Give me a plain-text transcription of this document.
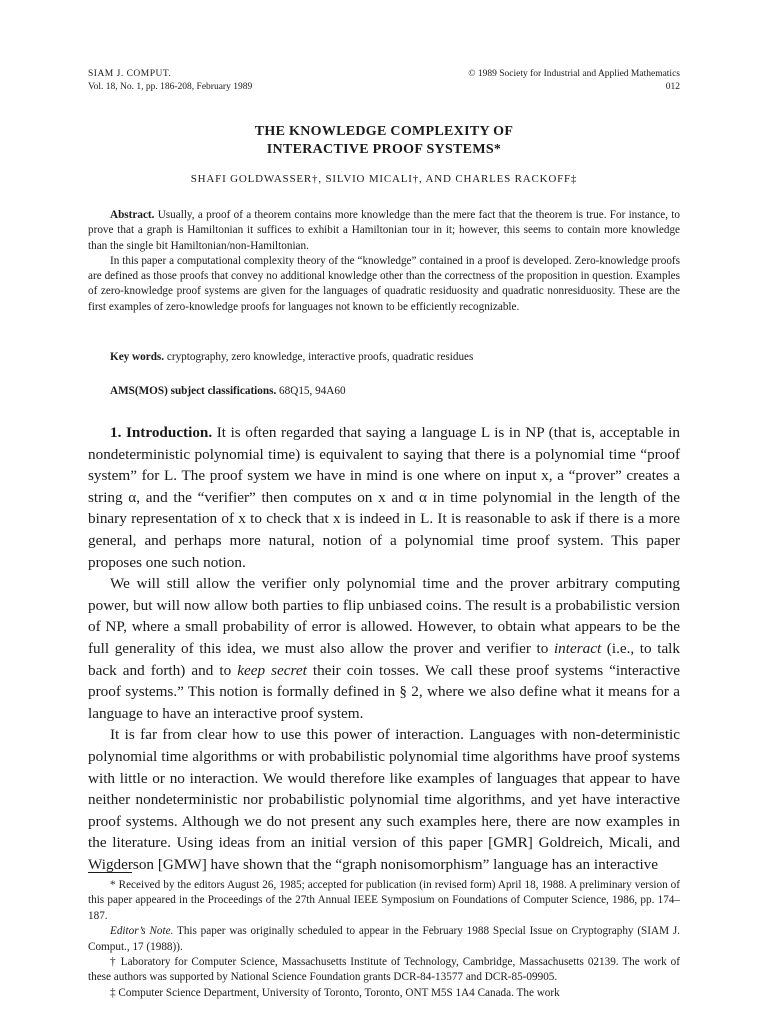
SIAM J. COMPUT.
Vol. 18, No. 1, pp. 186-208, February 1989
© 1989 Society for Industrial and Applied Mathematics
012
THE KNOWLEDGE COMPLEXITY OF
INTERACTIVE PROOF SYSTEMS*
SHAFI GOLDWASSER†, SILVIO MICALI†, AND CHARLES RACKOFF‡

Abstract. Usually, a proof of a theorem contains more knowledge than the mere fact that the theorem is true. For instance, to prove that a graph is Hamiltonian it suffices to exhibit a Hamiltonian tour in it; however, this seems to contain more knowledge than the single bit Hamiltonian/non-Hamiltonian.

In this paper a computational complexity theory of the “knowledge” contained in a proof is developed. Zero-knowledge proofs are defined as those proofs that convey no additional knowledge other than the correctness of the proposition in question. Examples of zero-knowledge proof systems are given for the languages of quadratic residuosity and quadratic nonresiduosity. These are the first examples of zero-knowledge proofs for languages not known to be efficiently recognizable.

Key words. cryptography, zero knowledge, interactive proofs, quadratic residues
AMS(MOS) subject classifications. 68Q15, 94A60

1. Introduction. It is often regarded that saying a language L is in NP (that is, acceptable in nondeterministic polynomial time) is equivalent to saying that there is a polynomial time “proof system” for L. The proof system we have in mind is one where on input x, a “prover” creates a string α, and the “verifier” then computes on x and α in time polynomial in the length of the binary representation of x to check that x is indeed in L. It is reasonable to ask if there is a more general, and perhaps more natural, notion of a polynomial time proof system. This paper proposes one such notion.

We will still allow the verifier only polynomial time and the prover arbitrary computing power, but will now allow both parties to flip unbiased coins. The result is a probabilistic version of NP, where a small probability of error is allowed. However, to obtain what appears to be the full generality of this idea, we must also allow the prover and verifier to interact (i.e., to talk back and forth) and to keep secret their coin tosses. We call these proof systems “interactive proof systems.” This notion is formally defined in § 2, where we also define what it means for a language to have an interactive proof system.

It is far from clear how to use this power of interaction. Languages with non-deterministic polynomial time algorithms or with probabilistic polynomial time algorithms have proof systems with little or no interaction. We would therefore like examples of languages that appear to have neither nondeterministic nor probabilistic polynomial time algorithms, and yet have interactive proof systems. Although we do not present any such examples here, there are now examples in the literature. Using ideas from an initial version of this paper [GMR] Goldreich, Micali, and Wigderson [GMW] have shown that the “graph nonisomorphism” language has an interactive

* Received by the editors August 26, 1985; accepted for publication (in revised form) April 18, 1988. A preliminary version of this paper appeared in the Proceedings of the 27th Annual IEEE Symposium on Foundations of Computer Science, 1986, pp. 174–187.

Editor’s Note. This paper was originally scheduled to appear in the February 1988 Special Issue on Cryptography (SIAM J. Comput., 17 (1988)).

† Laboratory for Computer Science, Massachusetts Institute of Technology, Cambridge, Massachusetts 02139. The work of these authors was supported by National Science Foundation grants DCR-84-13577 and DCR-85-09905.

‡ Computer Science Department, University of Toronto, Toronto, ONT M5S 1A4 Canada. The work
